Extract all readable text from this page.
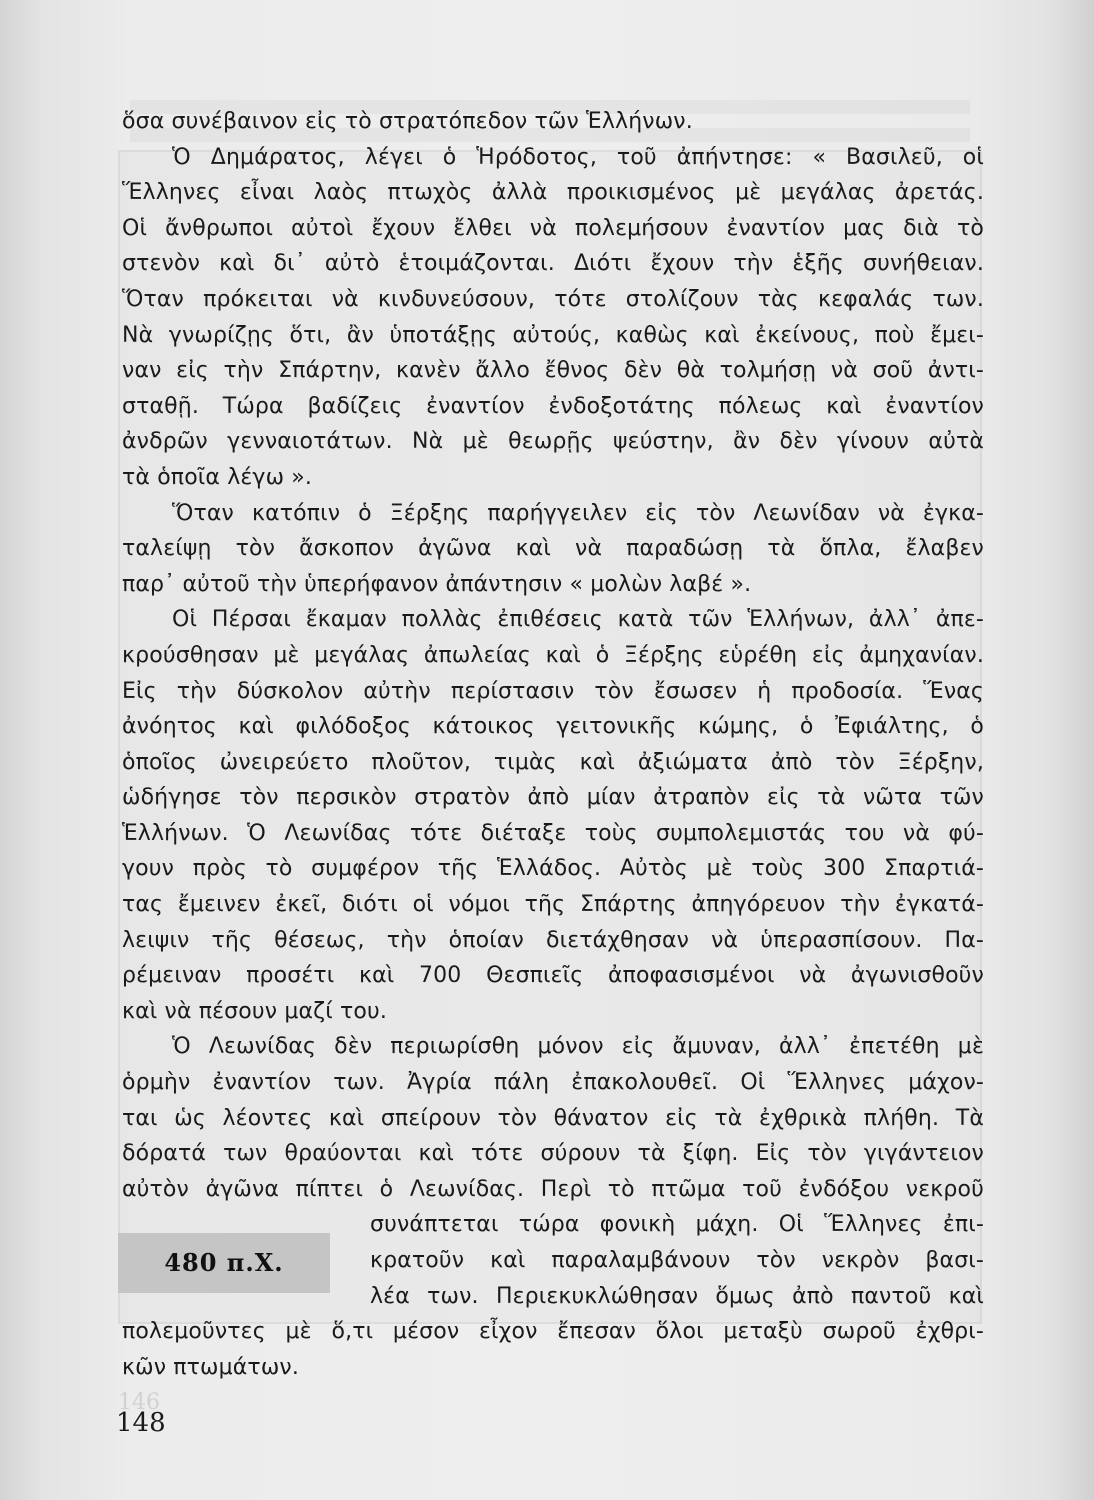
ὅσα συνέβαινον εἰς τὸ στρατόπεδον τῶν Ἑλλήνων.
Ὁ Δημάρατος, λέγει ὁ Ἡρόδοτος, τοῦ ἀπήντησε: « Βασιλεῦ, οἱ
Ἕλληνες εἶναι λαὸς πτωχὸς ἀλλὰ προικισμένος μὲ μεγάλας ἀρετάς.
Οἱ ἄνθρωποι αὐτοὶ ἔχουν ἔλθει νὰ πολεμήσουν ἐναντίον μας διὰ τὸ
στενὸν καὶ δι᾽ αὐτὸ ἑτοιμάζονται. Διότι ἔχουν τὴν ἑξῆς συνήθειαν.
Ὅταν πρόκειται νὰ κινδυνεύσουν, τότε στολίζουν τὰς κεφαλάς των.
Νὰ γνωρίζῃς ὅτι, ἂν ὑποτάξῃς αὐτούς, καθὼς καὶ ἐκείνους, ποὺ ἔμει-
ναν εἰς τὴν Σπάρτην, κανὲν ἄλλο ἔθνος δὲν θὰ τολμήσῃ νὰ σοῦ ἀντι-
σταθῇ. Τώρα βαδίζεις ἐναντίον ἐνδοξοτάτης πόλεως καὶ ἐναντίον
ἀνδρῶν γενναιοτάτων. Νὰ μὲ θεωρῇς ψεύστην, ἂν δὲν γίνουν αὐτὰ
τὰ ὁποῖα λέγω ».
Ὅταν κατόπιν ὁ Ξέρξης παρήγγειλεν εἰς τὸν Λεωνίδαν νὰ ἐγκα-
ταλείψῃ τὸν ἄσκοπον ἀγῶνα καὶ νὰ παραδώσῃ τὰ ὅπλα, ἔλαβεν
παρ᾽ αὐτοῦ τὴν ὑπερήφανον ἀπάντησιν « μολὼν λαβέ ».
Οἱ Πέρσαι ἔκαμαν πολλὰς ἐπιθέσεις κατὰ τῶν Ἑλλήνων, ἀλλ᾽ ἀπε-
κρούσθησαν μὲ μεγάλας ἀπωλείας καὶ ὁ Ξέρξης εὑρέθη εἰς ἀμηχανίαν.
Εἰς τὴν δύσκολον αὐτὴν περίστασιν τὸν ἔσωσεν ἡ προδοσία. Ἕνας
ἀνόητος καὶ φιλόδοξος κάτοικος γειτονικῆς κώμης, ὁ Ἐφιάλτης, ὁ
ὁποῖος ὠνειρεύετο πλοῦτον, τιμὰς καὶ ἀξιώματα ἀπὸ τὸν Ξέρξην,
ὡδήγησε τὸν περσικὸν στρατὸν ἀπὸ μίαν ἀτραπὸν εἰς τὰ νῶτα τῶν
Ἑλλήνων. Ὁ Λεωνίδας τότε διέταξε τοὺς συμπολεμιστάς του νὰ φύ-
γουν πρὸς τὸ συμφέρον τῆς Ἑλλάδος. Αὐτὸς μὲ τοὺς 300 Σπαρτιά-
τας ἔμεινεν ἐκεῖ, διότι οἱ νόμοι τῆς Σπάρτης ἀπηγόρευον τὴν ἐγκατά-
λειψιν τῆς θέσεως, τὴν ὁποίαν διετάχθησαν νὰ ὑπερασπίσουν. Πα-
ρέμειναν προσέτι καὶ 700 Θεσπιεῖς ἀποφασισμένοι νὰ ἀγωνισθοῦν
καὶ νὰ πέσουν μαζί του.
Ὁ Λεωνίδας δὲν περιωρίσθη μόνον εἰς ἄμυναν, ἀλλ᾽ ἐπετέθη μὲ
ὁρμὴν ἐναντίον των. Ἀγρία πάλη ἐπακολουθεῖ. Οἱ Ἕλληνες μάχον-
ται ὡς λέοντες καὶ σπείρουν τὸν θάνατον εἰς τὰ ἐχθρικὰ πλήθη. Τὰ
δόρατά των θραύονται καὶ τότε σύρουν τὰ ξίφη. Εἰς τὸν γιγάντειον
αὐτὸν ἀγῶνα πίπτει ὁ Λεωνίδας. Περὶ τὸ πτῶμα τοῦ ἐνδόξου νεκροῦ
συνάπτεται τώρα φονικὴ μάχη. Οἱ Ἕλληνες ἐπι-
κρατοῦν καὶ παραλαμβάνουν τὸν νεκρὸν βασι-
λέα των. Περιεκυκλώθησαν ὅμως ἀπὸ παντοῦ καὶ
πολεμοῦντες μὲ ὅ,τι μέσον εἶχον ἔπεσαν ὅλοι μεταξὺ σωροῦ ἐχθρι-
κῶν πτωμάτων.
480 π.Χ.
146
148
